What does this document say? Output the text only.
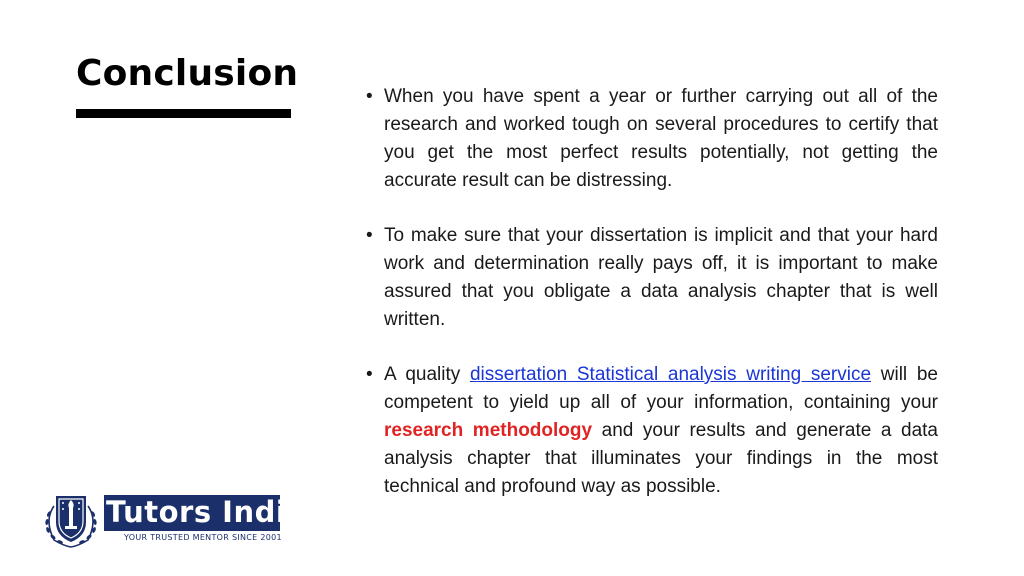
Conclusion
• When you have spent a year or further carrying out all of the research and worked tough on several procedures to certify that you get the most perfect results potentially, not getting the accurate result can be distressing.
• To make sure that your dissertation is implicit and that your hard work and determination really pays off, it is important to make assured that you obligate a data analysis chapter that is well written.
• A quality dissertation Statistical analysis writing service will be competent to yield up all of your information, containing your research methodology and your results and generate a data analysis chapter that illuminates your findings in the most technical and profound way as possible.
Tutors India
YOUR TRUSTED MENTOR SINCE 2001
